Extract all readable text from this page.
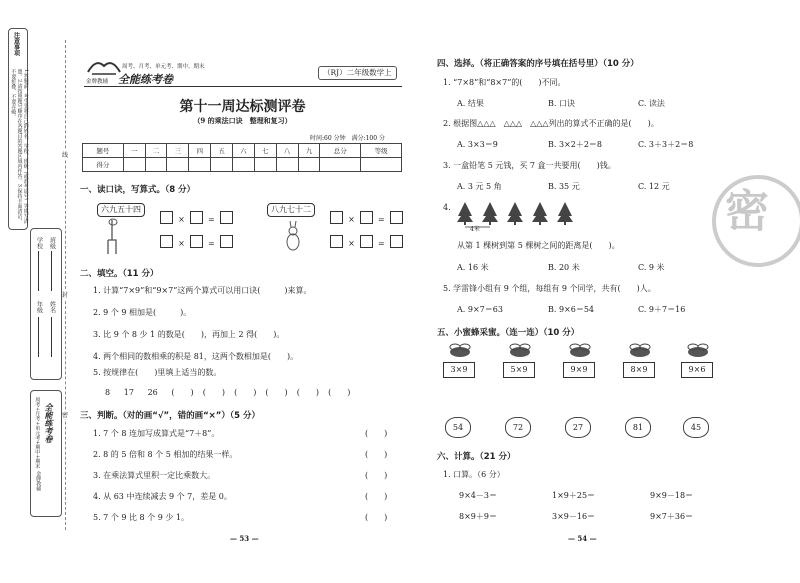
1.答题前，考生先将自己的姓名、学校、班级（或准考证号）等填写清楚。2.请按照题号顺序在各题目的答题区域内作答。3.保持卡面清洁，不要折叠、不要弄破。
注意事项
学校
年级
班级
姓名
周考+月考+单元考+期中+期末 全能练考卷
金牌教辅
线
封
密
金牌教辅
周考、月考、单元考、期中、期末
全能练考卷
（RJ）二年级数学上
第十一周达标测评卷
（9 的乘法口诀　整理和复习）
时间:60 分钟　满分:100 分
题号	一	二	三	四	五	六	七	八	九	总分	等级
得分											
一、读口诀，写算式。（8 分）
六九五十四
×	=
×	=
八九七十二
×	=
×	=
二、填空。（11 分）
1. 计算“7×9”和“9×7”这两个算式可以用口诀(　　　)来算。
2. 9 个 9 相加是(　　　)。
3. 比 9 个 8 少 1 的数是(　　)，再加上 2 得(　　)。
4. 两个相同的数相乘的积是 81，这两个数相加是(　　)。
5. 按规律在(　　)里填上适当的数。
8 17 26 (　　) (　　) (　　) (　　) (　　) (　　)
三、判断。（对的画“√”，错的画“×”）（5 分）
1. 7 个 8 连加写成算式是“7＋8”。
2. 8 的 5 倍和 8 个 5 相加的结果一样。
3. 在乘法算式里积一定比乘数大。
4. 从 63 中连续减去 9 个 7，差是 0。
5. 7 个 9 比 8 个 9 少 1。
(　　)
(　　)
(　　)
(　　)
(　　)
— 53 —
四、选择。（将正确答案的序号填在括号里）（10 分）
1. “7×8”和“8×7”的(　　)不同。
A. 结果	B. 口诀	C. 读法
2. 根据图△△△　△△△　△△△列出的算式不正确的是(　　)。
A. 3×3＝9	B. 3×2＋2＝8	C. 3＋3＋2＝8
3. 一盒铅笔 5 元钱，买 7 盒一共要用(　　)钱。
A. 3 元 5 角	B. 35 元	C. 12 元
4.
4米
从第 1 棵树到第 5 棵树之间的距离是(　　)。
A. 16 米	B. 20 米	C. 9 米
5. 学雷锋小组有 9 个组，每组有 9 个同学，共有(　　)人。
A. 9×7＝63	B. 9×6＝54	C. 9＋7＝16
五、小蜜蜂采蜜。（连一连）（10 分）
3×9	5×9	9×9	8×9	9×6
54	72	27	81	45
六、计算。（21 分）
1. 口算。（6 分）
9×4－3＝	1×9＋25＝	9×9－18＝
8×9＋9＝	3×9－16＝	9×7＋36＝
— 54 —
密
